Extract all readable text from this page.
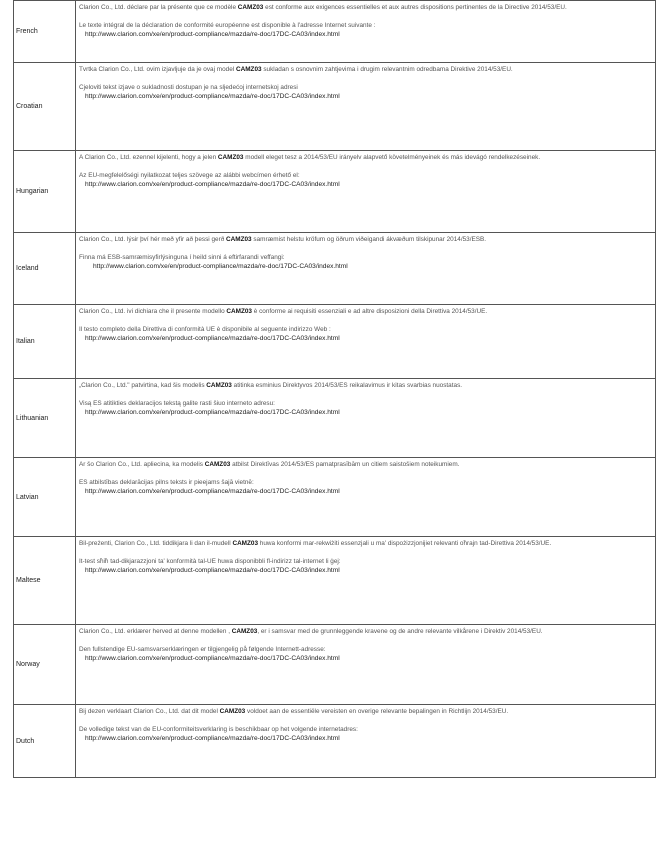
French	Clarion Co., Ltd. déclare par la présente que ce modèle CAMZ03 est conforme aux exigences essentielles et aux autres dispositions pertinentes de la Directive 2014/53/EU.

Le texte intégral de la déclaration de conformité européenne est disponible à l'adresse Internet suivante :

http://www.clarion.com/xe/en/product-compliance/mazda/re-doc/17DC-CA03/index.html

Croatian	Tvrtka Clarion Co., Ltd. ovim izjavljuje da je ovaj model CAMZ03 sukladan s osnovnim zahtjevima i drugim relevantnim odredbama Direktive 2014/53/EU.

Cjeloviti tekst izjave o sukladnosti dostupan je na sljedećoj internetskoj adresi

http://www.clarion.com/xe/en/product-compliance/mazda/re-doc/17DC-CA03/index.html

Hungarian	A Clarion Co., Ltd. ezennel kijelenti, hogy a jelen CAMZ03 modell eleget tesz a 2014/53/EU irányelv alapvető követelményeinek és más idevágó rendelkezéseinek.

Az EU-megfelelőségi nyilatkozat teljes szövege az alábbi webcímen érhető el:

http://www.clarion.com/xe/en/product-compliance/mazda/re-doc/17DC-CA03/index.html

Iceland	Clarion Co., Ltd. lýsir því hér með yfir að þessi gerð CAMZ03 samræmist helstu kröfum og öðrum viðeigandi ákvæðum tilskipunar 2014/53/ESB.

Finna má ESB-samræmisyfirlýsinguna í heild sinni á eftirfarandi veffangi:

http://www.clarion.com/xe/en/product-compliance/mazda/re-doc/17DC-CA03/index.html

Italian	Clarion Co., Ltd. ivi dichiara che il presente modello CAMZ03 è conforme ai requisiti essenziali e ad altre disposizioni della Direttiva 2014/53/UE.

Il testo completo della Direttiva di conformità UE è disponibile al seguente indirizzo Web :

http://www.clarion.com/xe/en/product-compliance/mazda/re-doc/17DC-CA03/index.html

Lithuanian	„Clarion Co., Ltd." patvirtina, kad šis modelis CAMZ03 atitinka esminius Direktyvos 2014/53/ES reikalavimus ir kitas svarbias nuostatas.

Visą ES atitikties deklaracijos tekstą galite rasti šiuo interneto adresu:

http://www.clarion.com/xe/en/product-compliance/mazda/re-doc/17DC-CA03/index.html

Latvian	Ar šo Clarion Co., Ltd. apliecina, ka modelis CAMZ03 atbilst Direktīvas 2014/53/ES pamatprasībām un citiem saistošiem noteikumiem.

ES atbilstības deklarācijas pilns teksts ir pieejams šajā vietnē:

http://www.clarion.com/xe/en/product-compliance/mazda/re-doc/17DC-CA03/index.html

Maltese	Bil-preżenti, Clarion Co., Ltd. tiddikjara li dan il-mudell CAMZ03 huwa konformi mar-rekwiżiti essenzjali u ma' dispożizzjonijiet relevanti oħrajn tad-Direttiva 2014/53/UE.

It-test sħiħ tad-dikjarazzjoni ta' konformità tal-UE huwa disponibbli fl-indirizz tal-internet li ġej:

http://www.clarion.com/xe/en/product-compliance/mazda/re-doc/17DC-CA03/index.html

Norway	Clarion Co., Ltd. erklærer herved at denne modellen , CAMZ03, er i samsvar med de grunnleggende kravene og de andre relevante vilkårene i Direktiv 2014/53/EU.

Den fullstendige EU-samsvarserklæringen er tilgjengelig på følgende Internett-adresse:

http://www.clarion.com/xe/en/product-compliance/mazda/re-doc/17DC-CA03/index.html

Dutch	Bij dezen verklaart Clarion Co., Ltd. dat dit model CAMZ03 voldoet aan de essentiële vereisten en overige relevante bepalingen in Richtlijn 2014/53/EU.

De volledige tekst van de EU-conformiteitsverklaring is beschikbaar op het volgende internetadres:

http://www.clarion.com/xe/en/product-compliance/mazda/re-doc/17DC-CA03/index.html
